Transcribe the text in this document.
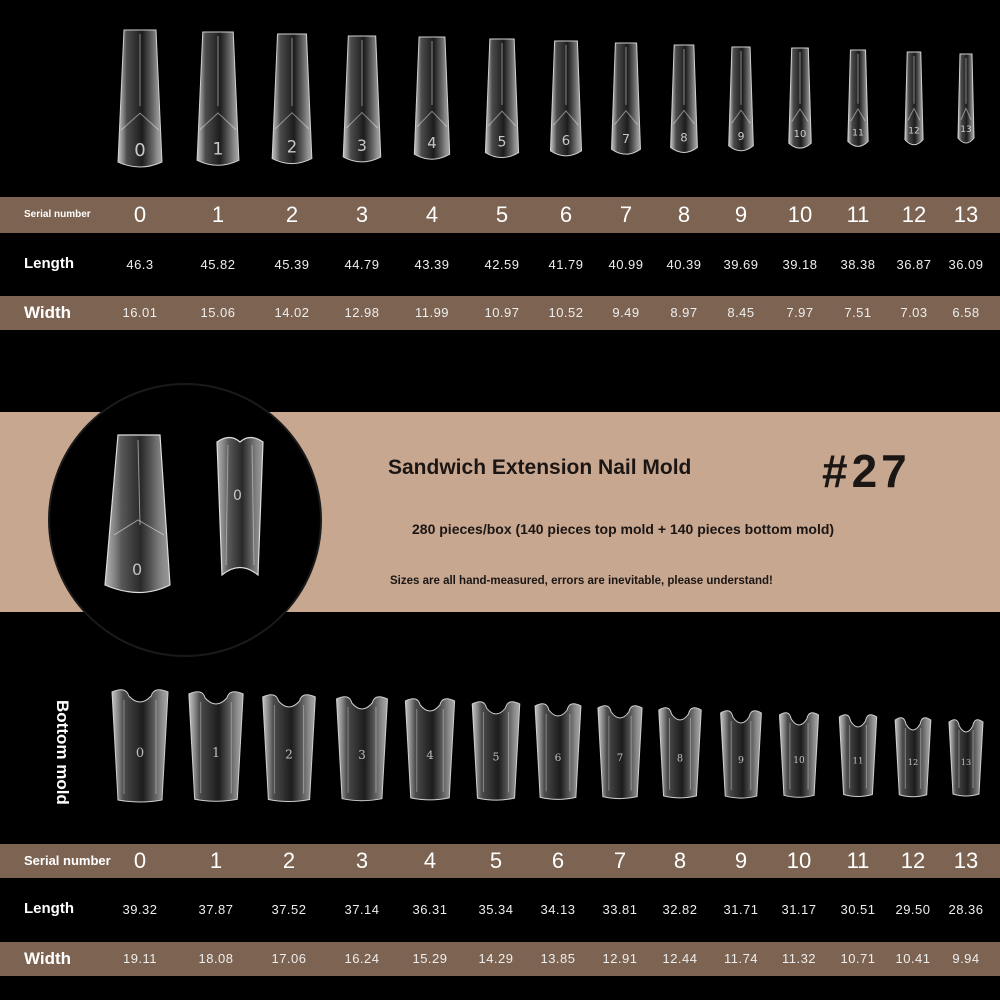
0	1	2	3	4	5	6	7	8	9	10	11	12	13
Serial number 0	1	2	3	4	5 6 7 8 9 10 11 12 13
Length	46.3	45.82	45.39	44.79	43.39	42.59 41.79 40.99 40.39 39.69 39.18 38.38 36.87 36.09
Width	16.01	15.06	14.02	12.98	11.99	10.97 10.52 9.49 8.97 8.45 7.97 7.51 7.03 6.58
0
0
Sandwich Extension Nail Mold	#27
280 pieces/box (140 pieces top mold + 140 pieces bottom mold)
Sizes are all hand-measured, errors are inevitable, please understand!
Bottom mold	0	1	2	3	4	5	6	7	8	9	10	11	12	13
Serial number 0	1	2	3	4 5 6 7 8 9 10 11 12 13
Length	39.32	37.87	37.52	37.14	36.31 35.34 34.13 33.81 32.82 31.71 31.17 30.51 29.50 28.36
Width	19.11	18.08	17.06	16.24	15.29 14.29 13.85 12.91 12.44 11.74 11.32 10.71 10.41 9.94
